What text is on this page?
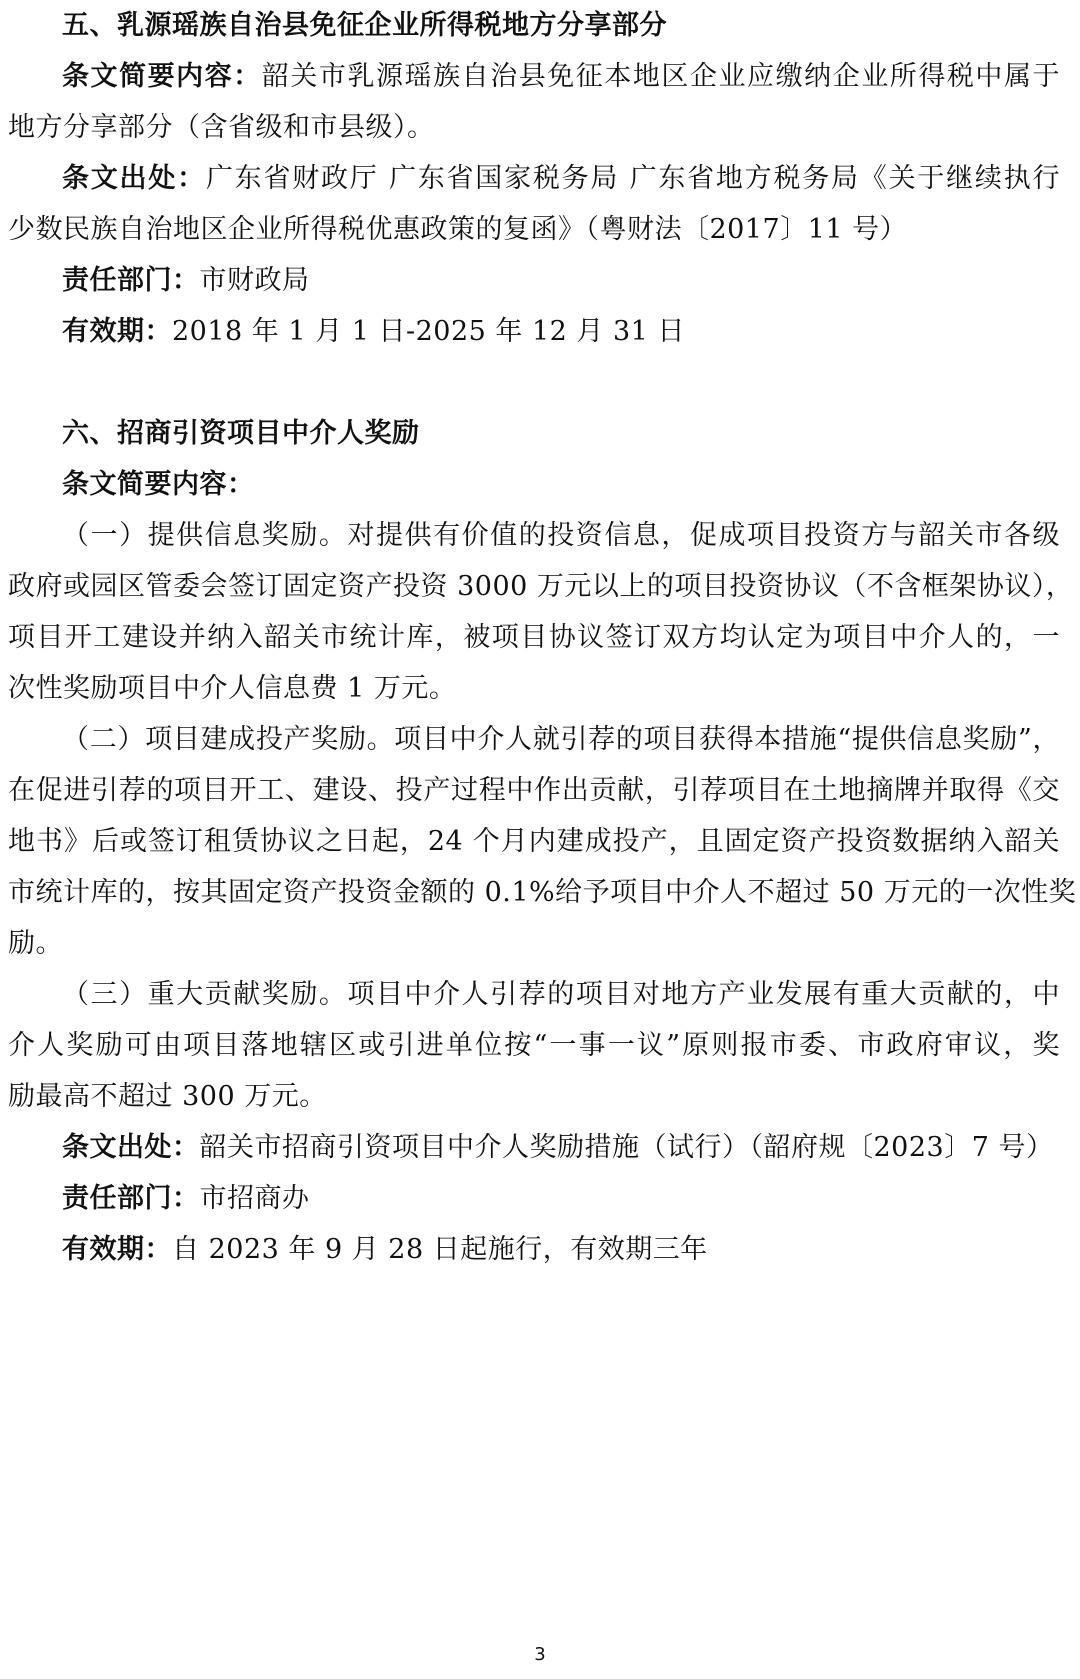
五、乳源瑶族自治县免征企业所得税地方分享部分
条文简要内容：韶关市乳源瑶族自治县免征本地区企业应缴纳企业所得税中属于
地方分享部分（含省级和市县级）。
条文出处：广东省财政厅 广东省国家税务局 广东省地方税务局《关于继续执行
少数民族自治地区企业所得税优惠政策的复函》（粤财法〔2017〕11 号）
责任部门：市财政局
有效期：2018 年 1 月 1 日-2025 年 12 月 31 日
六、招商引资项目中介人奖励
条文简要内容：
（一）提供信息奖励。对提供有价值的投资信息，促成项目投资方与韶关市各级
政府或园区管委会签订固定资产投资 3000 万元以上的项目投资协议（不含框架协议），
项目开工建设并纳入韶关市统计库，被项目协议签订双方均认定为项目中介人的，一
次性奖励项目中介人信息费 1 万元。
（二）项目建成投产奖励。项目中介人就引荐的项目获得本措施“提供信息奖励”，
在促进引荐的项目开工、建设、投产过程中作出贡献，引荐项目在土地摘牌并取得《交
地书》后或签订租赁协议之日起，24 个月内建成投产，且固定资产投资数据纳入韶关
市统计库的，按其固定资产投资金额的 0.1%给予项目中介人不超过 50 万元的一次性奖
励。
（三）重大贡献奖励。项目中介人引荐的项目对地方产业发展有重大贡献的，中
介人奖励可由项目落地辖区或引进单位按“一事一议”原则报市委、市政府审议，奖
励最高不超过 300 万元。
条文出处：韶关市招商引资项目中介人奖励措施（试行）（韶府规〔2023〕7 号）
责任部门：市招商办
有效期：自 2023 年 9 月 28 日起施行，有效期三年
3
